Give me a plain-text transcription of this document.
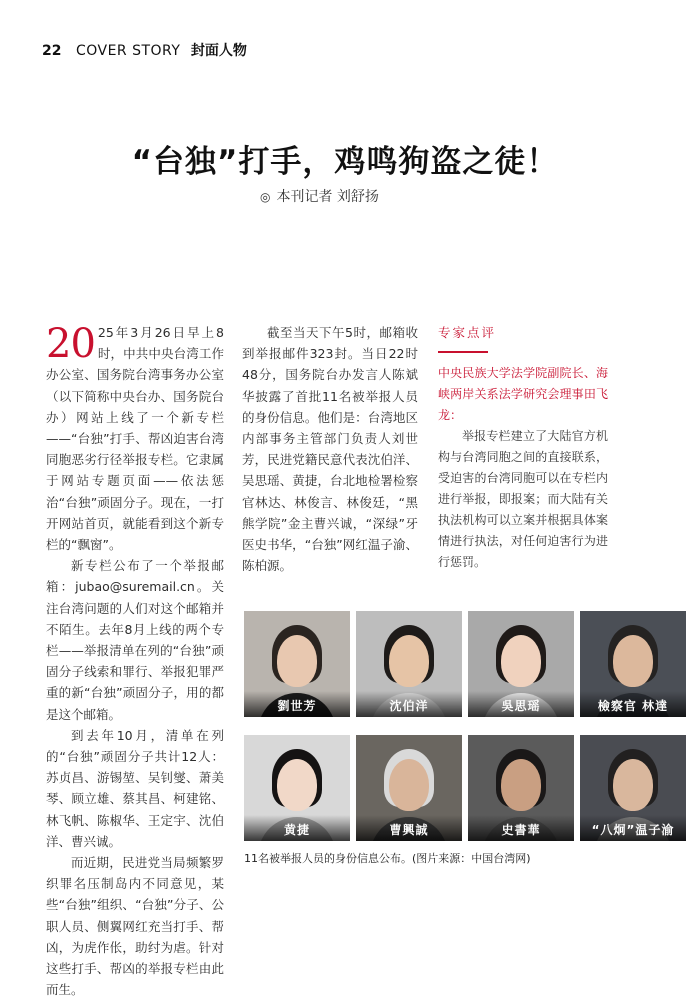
22 COVER STORY 封面人物
“台独”打手，鸡鸣狗盗之徒！
◎ 本刊记者 刘舒扬

20 25年3月26日早上8时，中共中央台湾工作办公室、国务院台湾事务办公室（以下简称中央台办、国务院台办）网站上线了一个新专栏——“台独”打手、帮凶迫害台湾同胞恶劣行径举报专栏。它隶属于网站专题页面——依法惩治“台独”顽固分子。现在，一打开网站首页，就能看到这个新专栏的“飘窗”。

新专栏公布了一个举报邮箱：jubao@suremail.cn。关注台湾问题的人们对这个邮箱并不陌生。去年8月上线的两个专栏——举报清单在列的“台独”顽固分子线索和罪行、举报犯罪严重的新“台独”顽固分子，用的都是这个邮箱。

到去年10月，清单在列的“台独”顽固分子共计12人：苏贞昌、游锡堃、吴钊燮、萧美琴、顾立雄、蔡其昌、柯建铭、林飞帆、陈椒华、王定宇、沈伯洋、曹兴诚。

而近期，民进党当局频繁罗织罪名压制岛内不同意见，某些“台独”组织、“台独”分子、公职人员、侧翼网红充当打手、帮凶，为虎作伥，助纣为虐。针对这些打手、帮凶的举报专栏由此而生。

截至当天下午5时，邮箱收到举报邮件323封。当日22时48分，国务院台办发言人陈斌华披露了首批11名被举报人员的身份信息。他们是：台湾地区内部事务主管部门负责人刘世芳，民进党籍民意代表沈伯洋、吴思瑶、黄捷，台北地检署检察官林达、林俊言、林俊廷，“黑熊学院”金主曹兴诚，“深绿”牙医史书华，“台独”网红温子渝、陈柏源。

专家点评
中央民族大学法学院副院长、海峡两岸关系法学研究会理事田飞龙：
举报专栏建立了大陆官方机构与台湾同胞之间的直接联系，受迫害的台湾同胞可以在专栏内进行举报，即报案；而大陆有关执法机构可以立案并根据具体案情进行执法，对任何迫害行为进行惩罚。
劉世芳	沈伯洋	吳思瑶	檢察官 林達
黄捷	曹興誠	史書華	“八炯”温子渝
11名被举报人员的身份信息公布。(图片来源：中国台湾网)
